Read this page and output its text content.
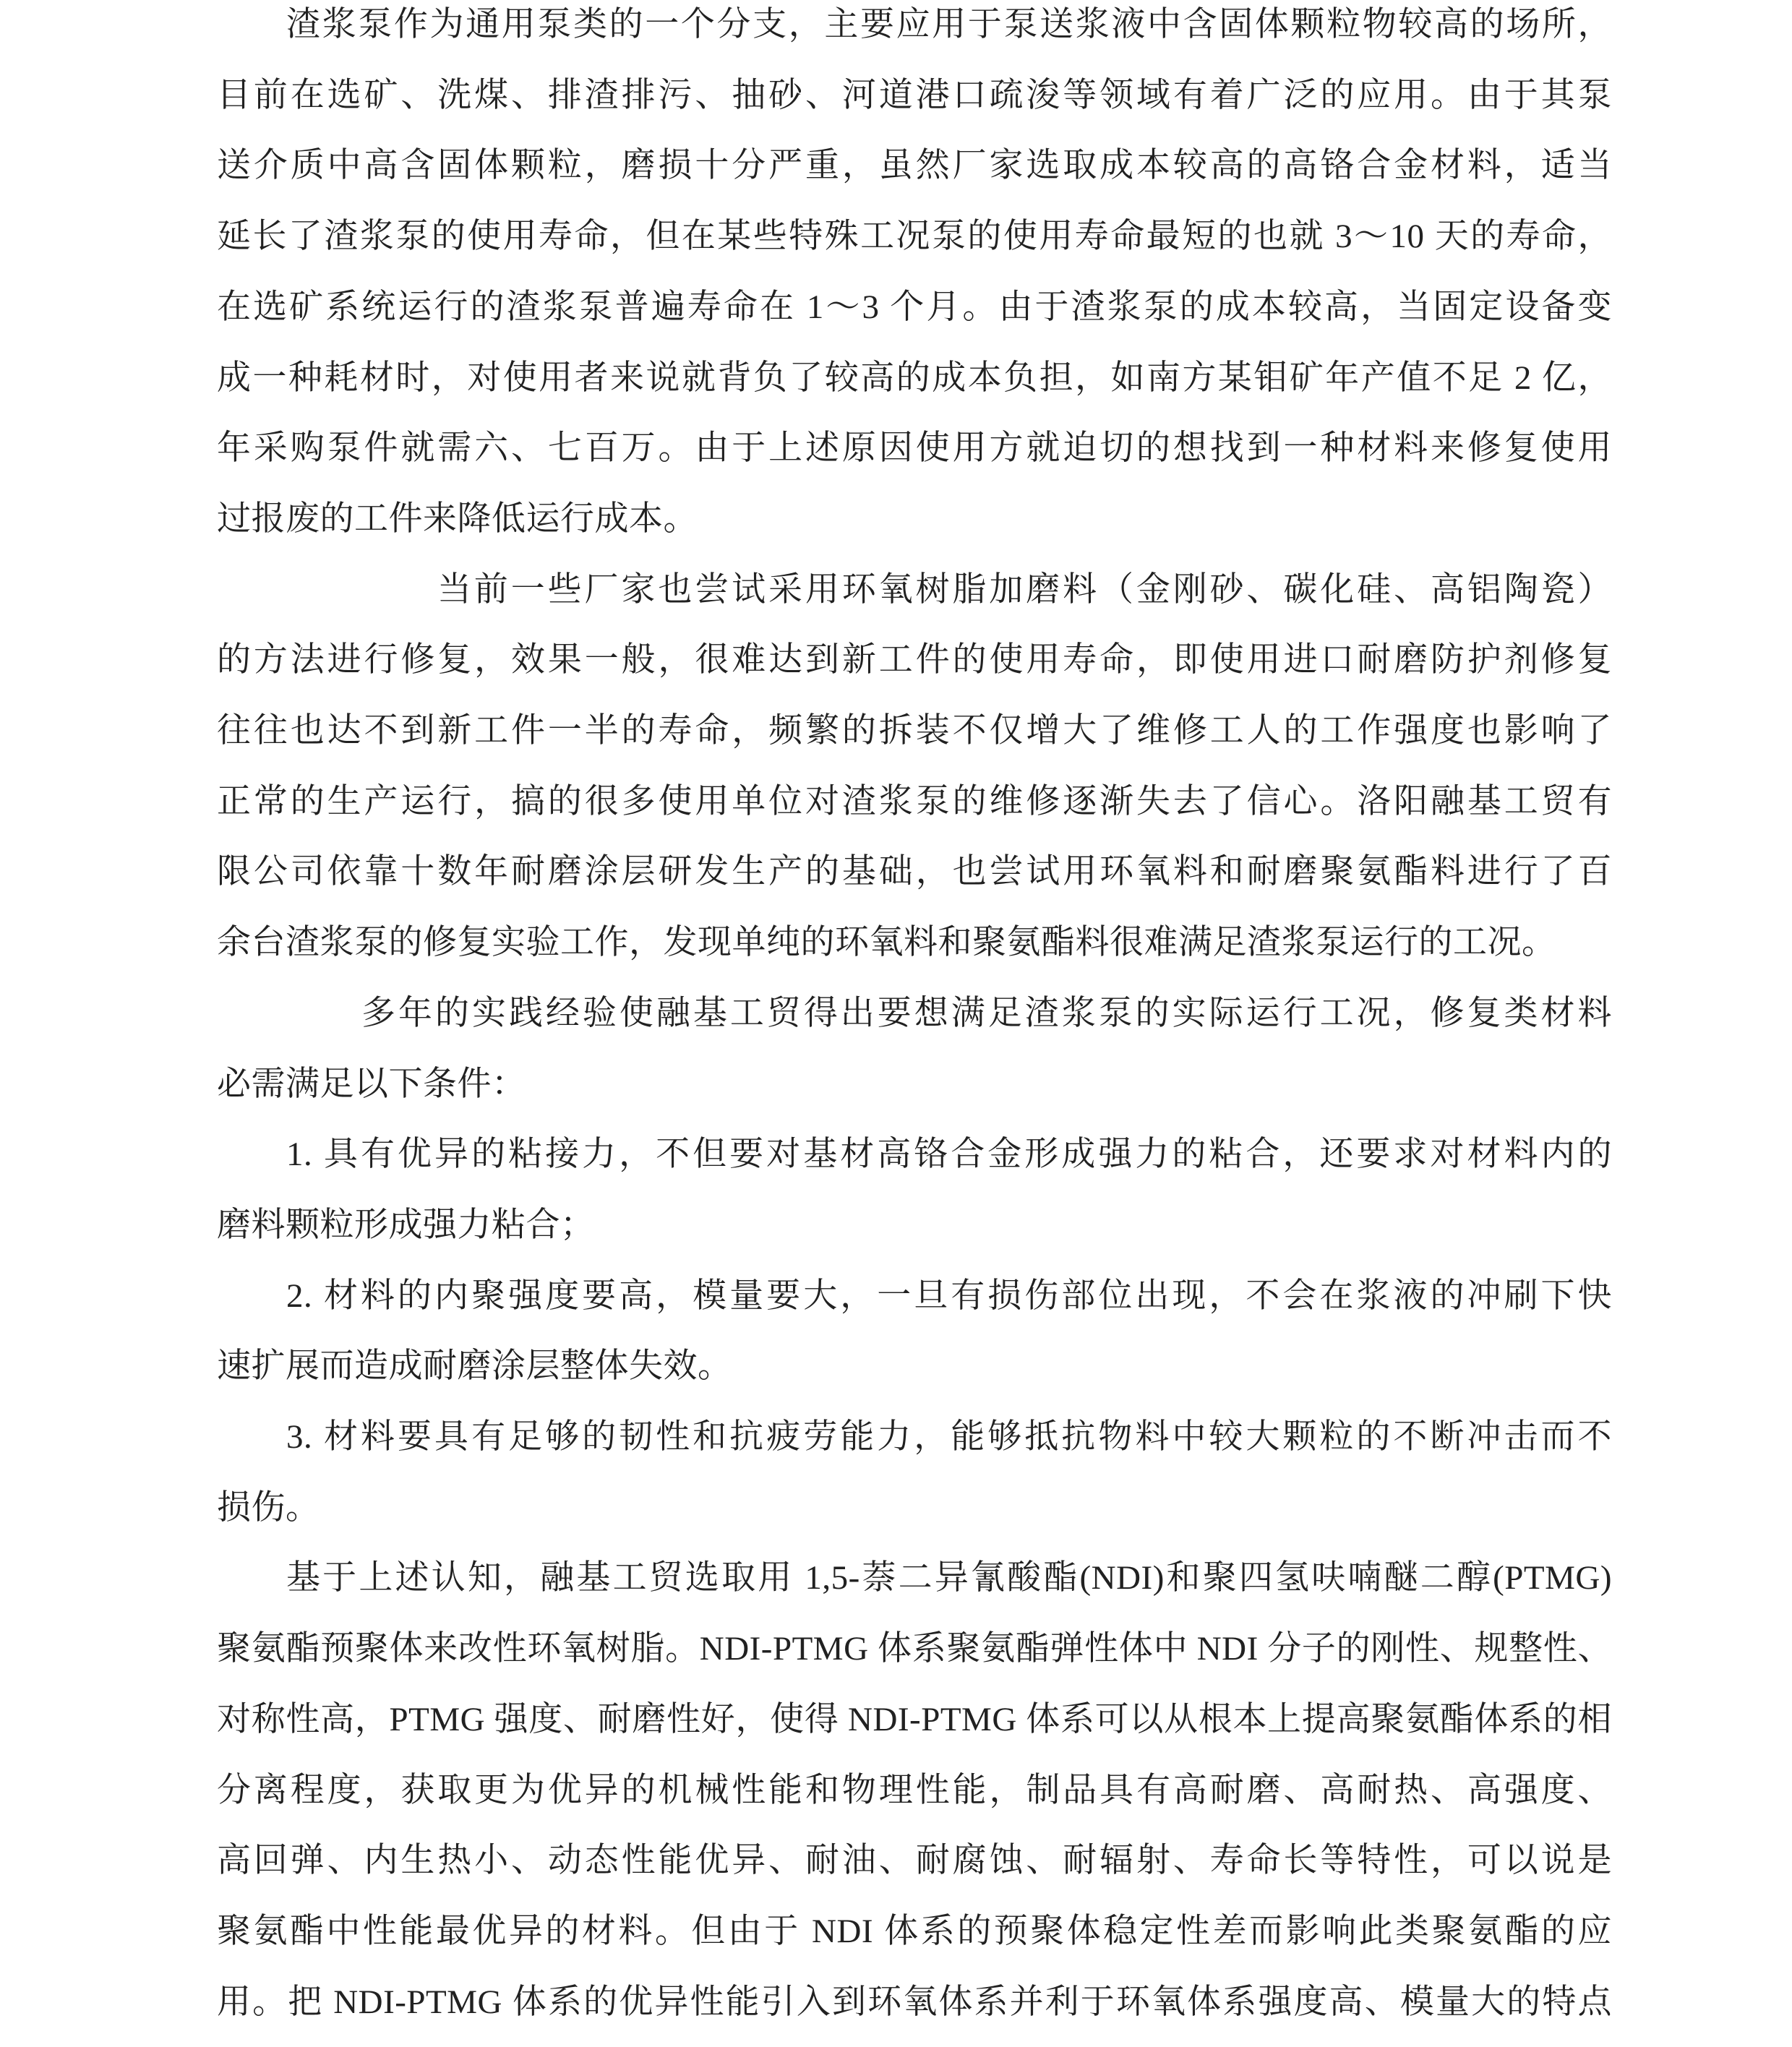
渣浆泵作为通用泵类的一个分支，主要应用于泵送浆液中含固体颗粒物较高的场所，
目前在选矿、洗煤、排渣排污、抽砂、河道港口疏浚等领域有着广泛的应用。由于其泵
送介质中高含固体颗粒，磨损十分严重，虽然厂家选取成本较高的高铬合金材料，适当
延长了渣浆泵的使用寿命，但在某些特殊工况泵的使用寿命最短的也就 3～10 天的寿命，
在选矿系统运行的渣浆泵普遍寿命在 1～3 个月。由于渣浆泵的成本较高，当固定设备变
成一种耗材时，对使用者来说就背负了较高的成本负担，如南方某钼矿年产值不足 2 亿，
年采购泵件就需六、七百万。由于上述原因使用方就迫切的想找到一种材料来修复使用
过报废的工件来降低运行成本。
当前一些厂家也尝试采用环氧树脂加磨料（金刚砂、碳化硅、高铝陶瓷）
的方法进行修复，效果一般，很难达到新工件的使用寿命，即使用进口耐磨防护剂修复
往往也达不到新工件一半的寿命，频繁的拆装不仅增大了维修工人的工作强度也影响了
正常的生产运行，搞的很多使用单位对渣浆泵的维修逐渐失去了信心。洛阳融基工贸有
限公司依靠十数年耐磨涂层研发生产的基础，也尝试用环氧料和耐磨聚氨酯料进行了百
余台渣浆泵的修复实验工作，发现单纯的环氧料和聚氨酯料很难满足渣浆泵运行的工况。
多年的实践经验使融基工贸得出要想满足渣浆泵的实际运行工况，修复类材料
必需满足以下条件：
1. 具有优异的粘接力，不但要对基材高铬合金形成强力的粘合，还要求对材料内的
磨料颗粒形成强力粘合；
2. 材料的内聚强度要高，模量要大，一旦有损伤部位出现，不会在浆液的冲刷下快
速扩展而造成耐磨涂层整体失效。
3. 材料要具有足够的韧性和抗疲劳能力，能够抵抗物料中较大颗粒的不断冲击而不
损伤。
基于上述认知，融基工贸选取用 1,5-萘二异氰酸酯(NDI)和聚四氢呋喃醚二醇(PTMG)
聚氨酯预聚体来改性环氧树脂。NDI-PTMG 体系聚氨酯弹性体中 NDI 分子的刚性、规整性、
对称性高，PTMG 强度、耐磨性好，使得 NDI-PTMG 体系可以从根本上提高聚氨酯体系的相
分离程度，获取更为优异的机械性能和物理性能，制品具有高耐磨、高耐热、高强度、
高回弹、内生热小、动态性能优异、耐油、耐腐蚀、耐辐射、寿命长等特性，可以说是
聚氨酯中性能最优异的材料。但由于 NDI 体系的预聚体稳定性差而影响此类聚氨酯的应
用。把 NDI-PTMG 体系的优异性能引入到环氧体系并利于环氧体系强度高、模量大的特点
